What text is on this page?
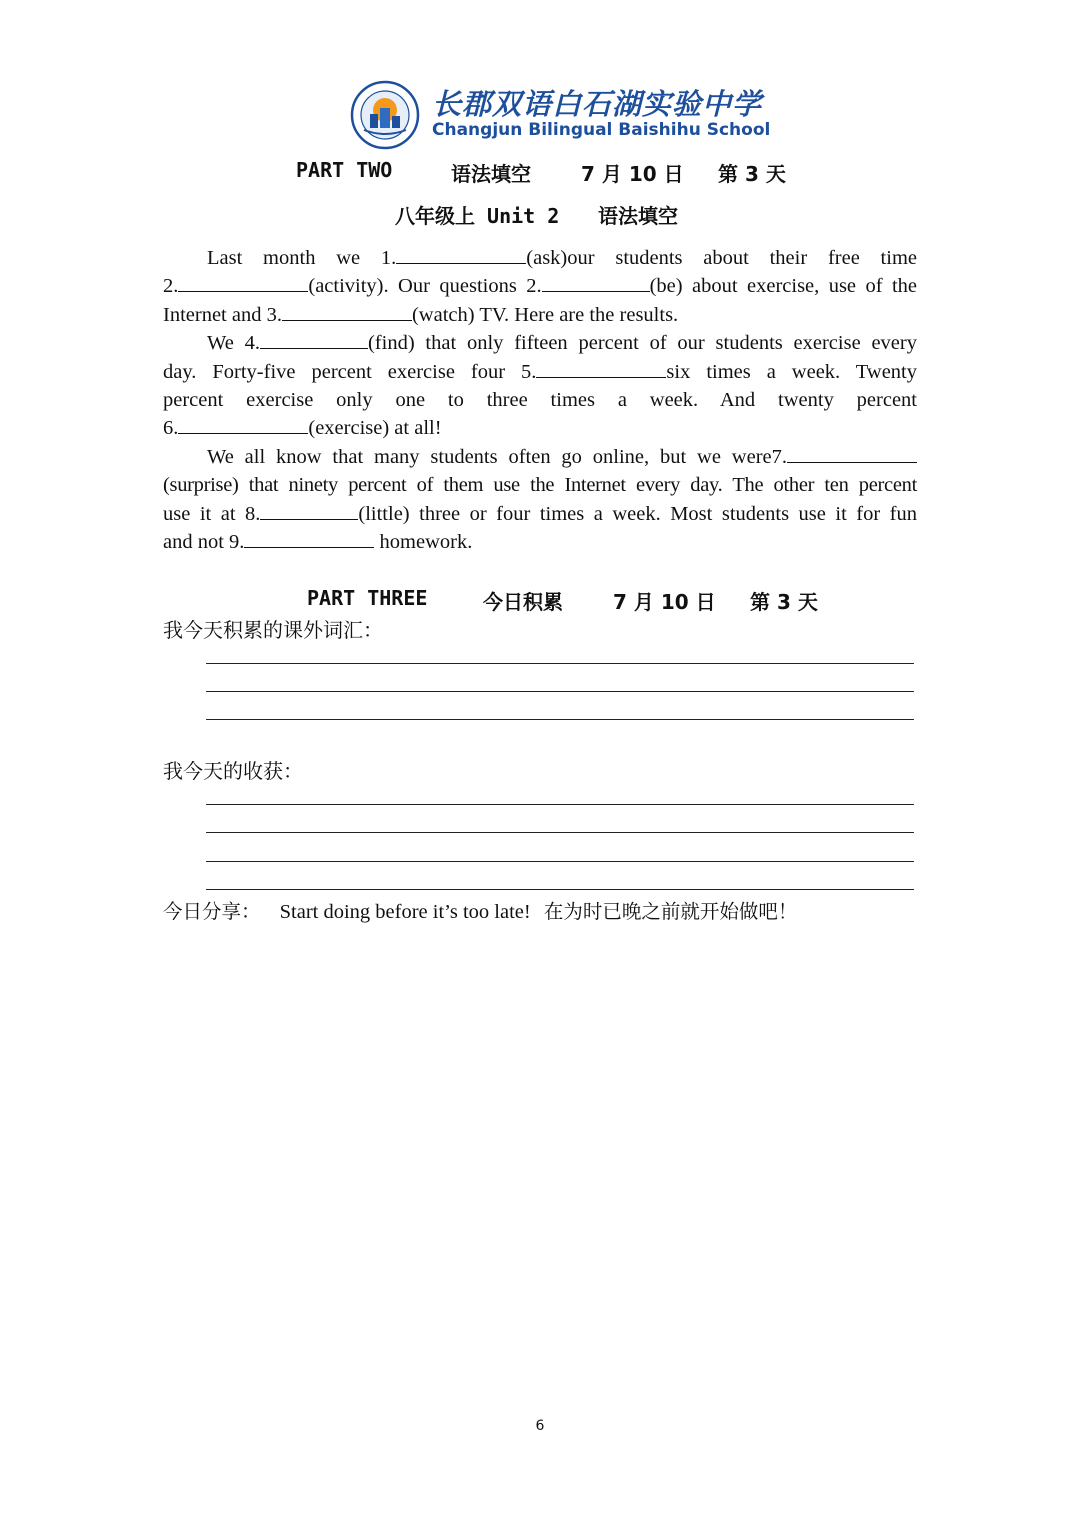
长郡双语白石湖实验中学
Changjun Bilingual Baishihu School
PART TWO	语法填空	7 月 10 日 第 3 天
八年级上 Unit 2 语法填空
Last month we 1.	(ask)our students about their free time
2.	(activity). Our questions 2.	(be) about exercise, use of the
Internet and 3.	(watch) TV. Here are the results.
We 4.	(find) that only fifteen percent of our students exercise every
day. Forty-five percent exercise four 5.	six times a week. Twenty
percent exercise only one to three times a week. And twenty percent
6.	(exercise) at all!
We all know that many students often go online, but we were7.
(surprise) that ninety percent of them use the Internet every day. The other ten percent
use it at 8.	(little) three or four times a week. Most students use it for fun
and not 9.	homework.
PART THREE	今日积累	7 月 10 日 第 3 天
我今天积累的课外词汇：
我今天的收获：
今日分享： Start doing before it’s too late! 在为时已晚之前就开始做吧！
6
